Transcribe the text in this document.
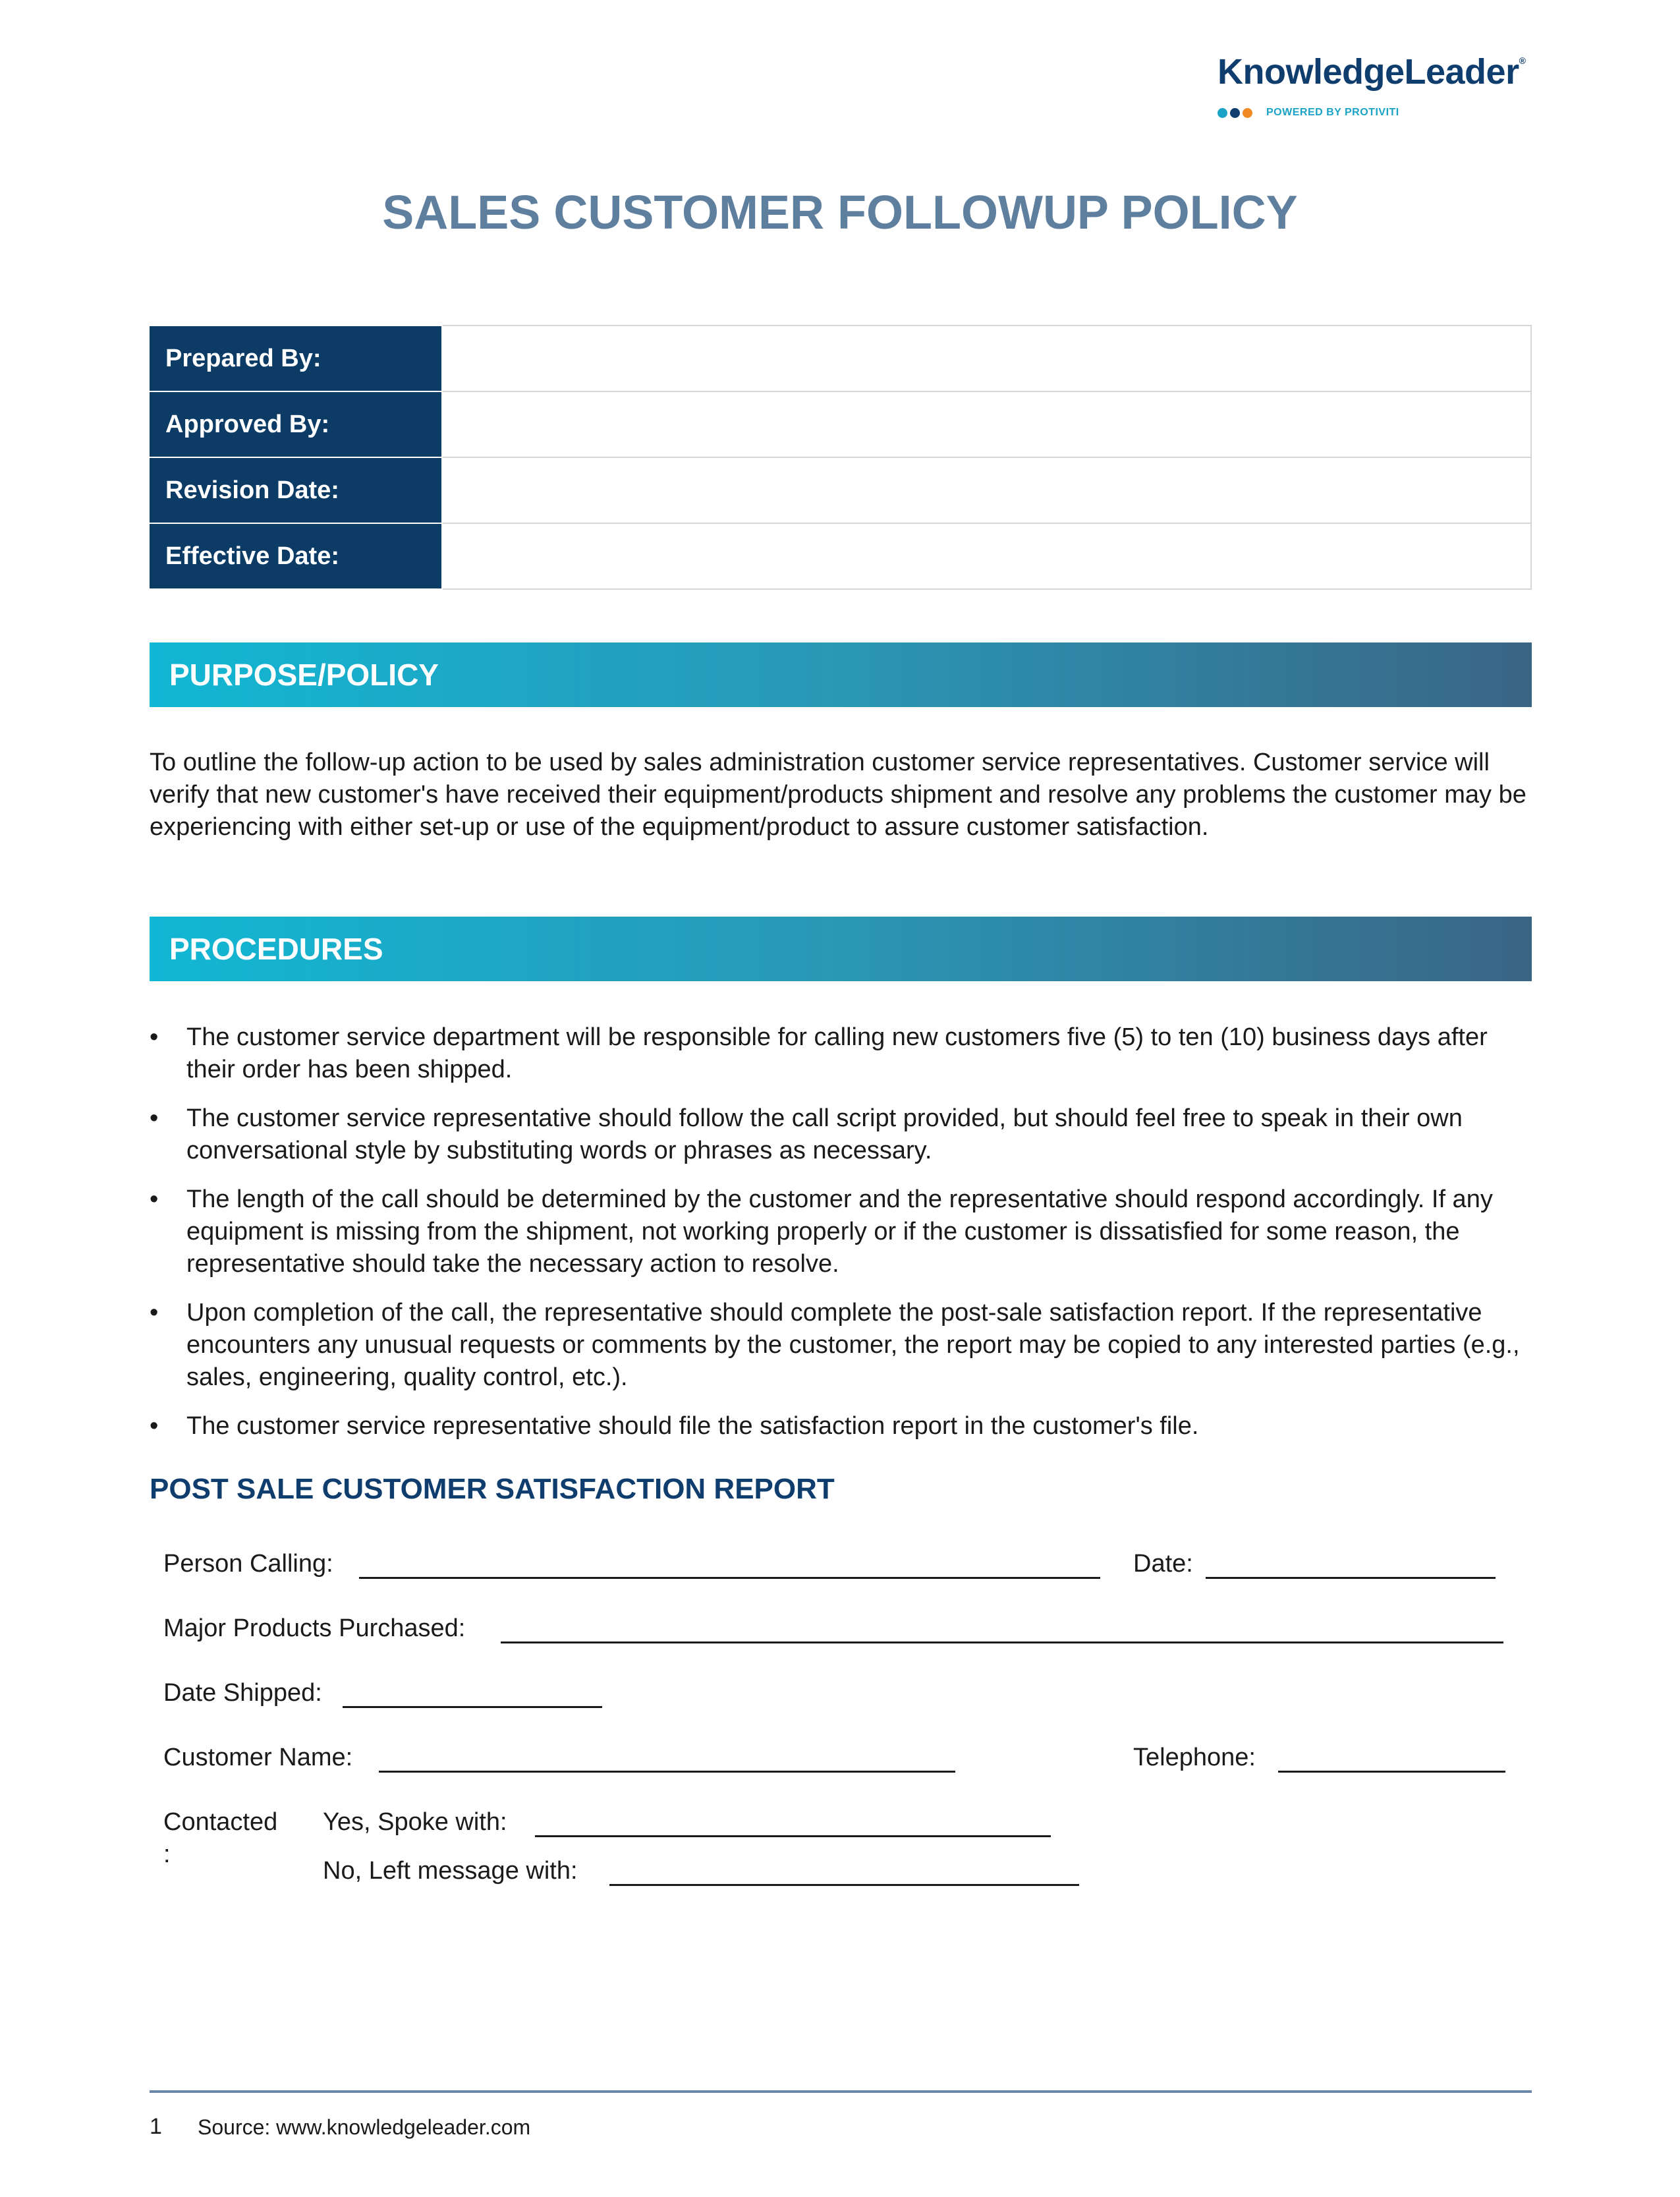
KnowledgeLeader®
POWERED BY PROTIVITI
SALES CUSTOMER FOLLOWUP POLICY
Prepared By:	
Approved By:	
Revision Date:	
Effective Date:	
PURPOSE/POLICY
To outline the follow-up action to be used by sales administration customer service representatives. Customer service will verify that new customer's have received their equipment/products shipment and resolve any problems the customer may be experiencing with either set-up or use of the equipment/product to assure customer satisfaction.
PROCEDURES
• The customer service department will be responsible for calling new customers five (5) to ten (10) business days after their order has been shipped.
• The customer service representative should follow the call script provided, but should feel free to speak in their own conversational style by substituting words or phrases as necessary.
• The length of the call should be determined by the customer and the representative should respond accordingly. If any equipment is missing from the shipment, not working properly or if the customer is dissatisfied for some reason, the representative should take the necessary action to resolve.
• Upon completion of the call, the representative should complete the post-sale satisfaction report. If the representative encounters any unusual requests or comments by the customer, the report may be copied to any interested parties (e.g., sales, engineering, quality control, etc.).
• The customer service representative should file the satisfaction report in the customer's file.
POST SALE CUSTOMER SATISFACTION REPORT
Person Calling:	Date:
Major Products Purchased:
Date Shipped:
Customer Name:	Telephone:
Contacted
:
Yes, Spoke with:
No, Left message with:
1 Source: www.knowledgeleader.com
